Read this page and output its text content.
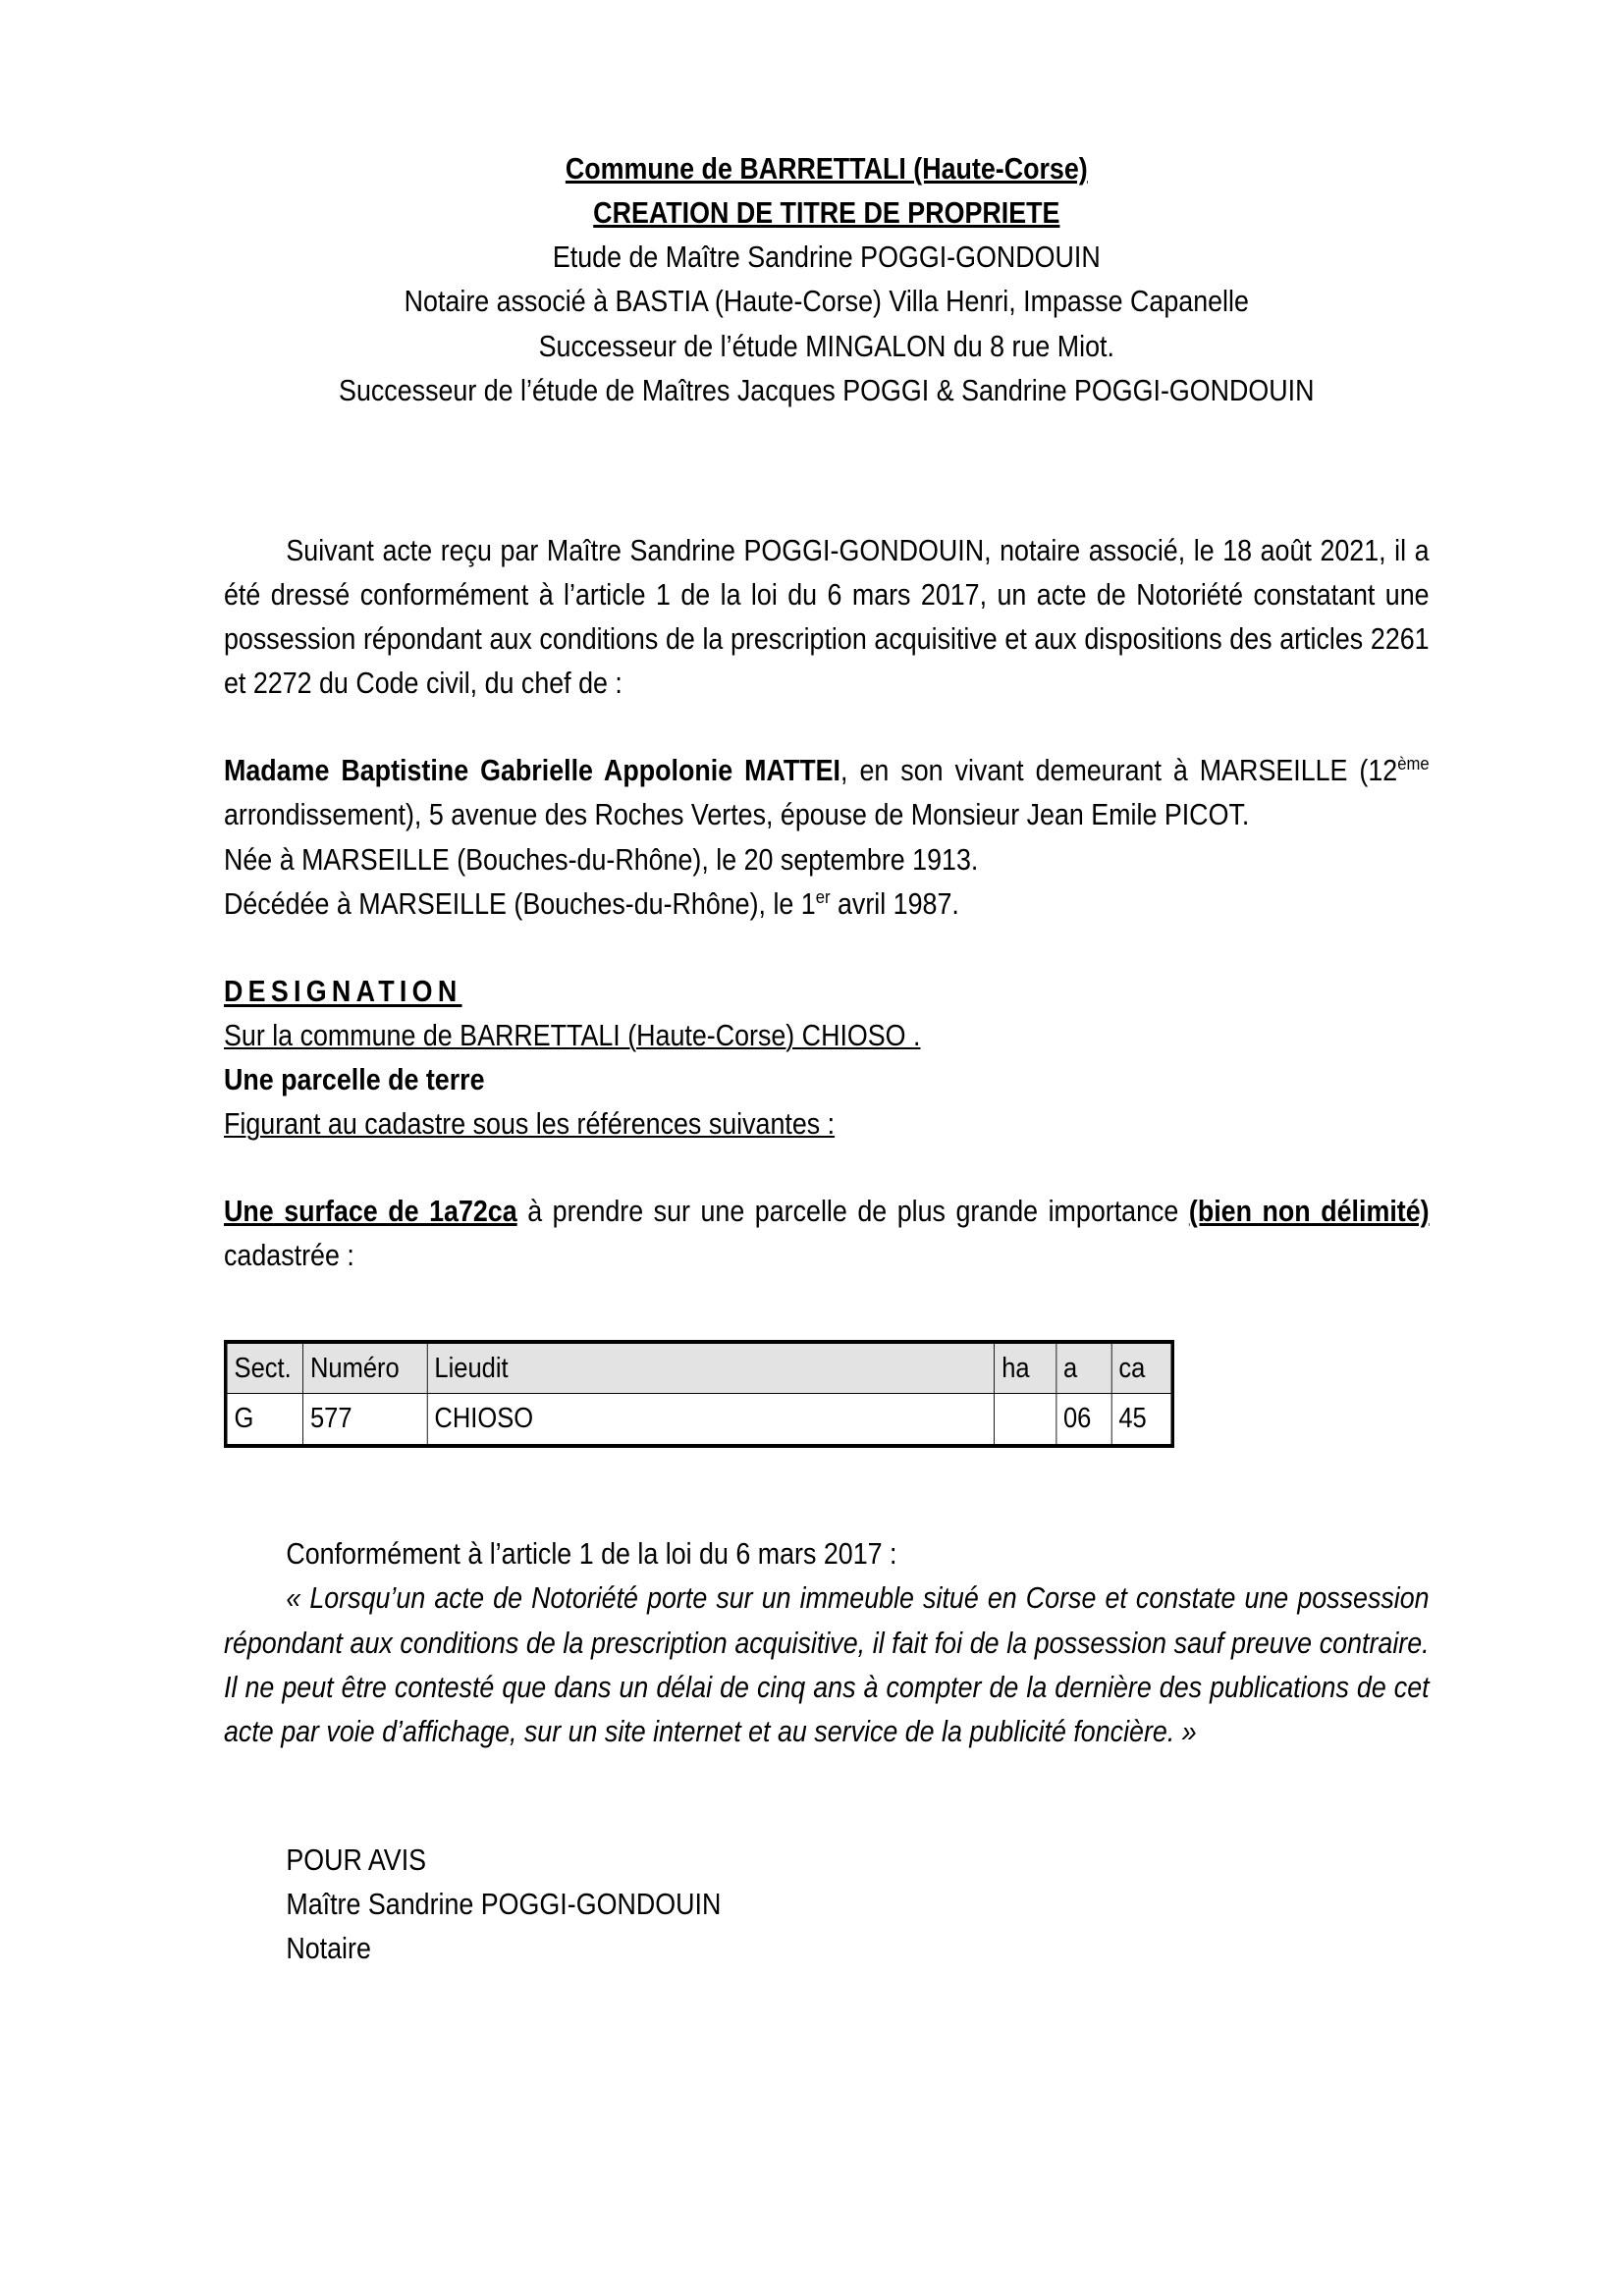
Commune de BARRETTALI (Haute-Corse)
CREATION DE TITRE DE PROPRIETE
Etude de Maître Sandrine POGGI-GONDOUIN
Notaire associé à BASTIA (Haute-Corse) Villa Henri, Impasse Capanelle
Successeur de l’étude MINGALON du 8 rue Miot.
Successeur de l’étude de Maîtres Jacques POGGI & Sandrine POGGI-GONDOUIN

Suivant acte reçu par Maître Sandrine POGGI-GONDOUIN, notaire associé, le 18 août 2021, il a été dressé conformément à l’article 1 de la loi du 6 mars 2017, un acte de Notoriété constatant une possession répondant aux conditions de la prescription acquisitive et aux dispositions des articles 2261 et 2272 du Code civil, du chef de :

Madame Baptistine Gabrielle Appolonie MATTEI, en son vivant demeurant à MARSEILLE (12ème arrondissement), 5 avenue des Roches Vertes, épouse de Monsieur Jean Emile PICOT.

Née à MARSEILLE (Bouches-du-Rhône), le 20 septembre 1913.
Décédée à MARSEILLE (Bouches-du-Rhône), le 1er avril 1987.
DESIGNATION
Sur la commune de BARRETTALI (Haute-Corse) CHIOSO .
Une parcelle de terre
Figurant au cadastre sous les références suivantes :

Une surface de 1a72ca à prendre sur une parcelle de plus grande importance (bien non délimité) cadastrée :

Sect.	Numéro	Lieudit	ha	a	ca
G	577	CHIOSO		06	45

Conformément à l’article 1 de la loi du 6 mars 2017 :

« Lorsqu’un acte de Notoriété porte sur un immeuble situé en Corse et constate une possession répondant aux conditions de la prescription acquisitive, il fait foi de la possession sauf preuve contraire. Il ne peut être contesté que dans un délai de cinq ans à compter de la dernière des publications de cet acte par voie d’affichage, sur un site internet et au service de la publicité foncière. »

POUR AVIS
Maître Sandrine POGGI-GONDOUIN
Notaire
